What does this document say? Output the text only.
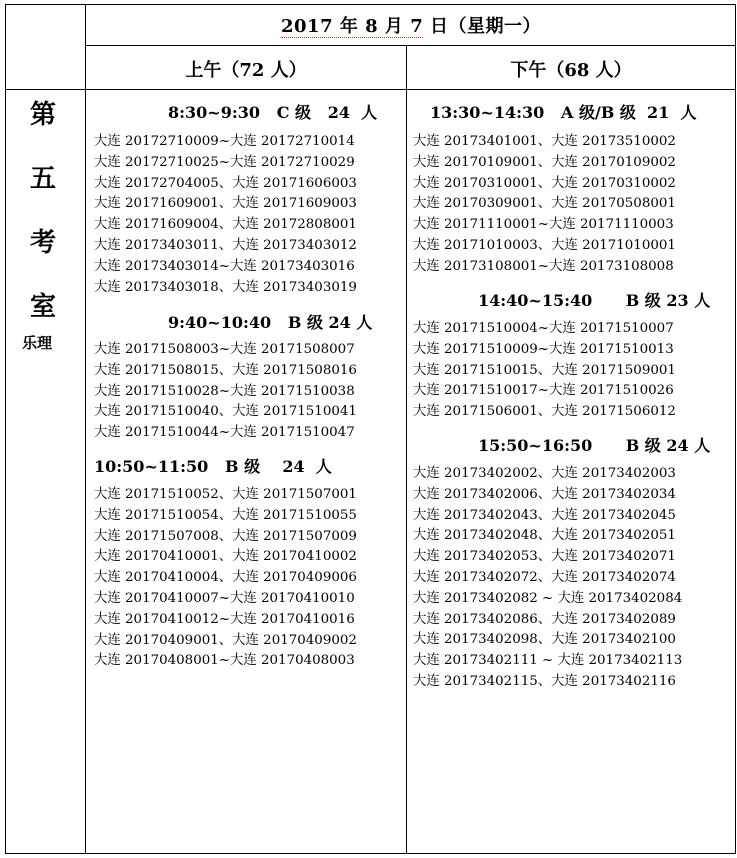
2017 年 8 月 7 日（星期一）
上午（72 人）	下午（68 人）
第
五
考
室
乐理
8:30~9:30   C 级   24  人
大连 20172710009~大连 20172710014
大连 20172710025~大连 20172710029
大连 20172704005、大连 20171606003
大连 20171609001、大连 20171609003
大连 20171609004、大连 20172808001
大连 20173403011、大连 20173403012
大连 20173403014~大连 20173403016
大连 20173403018、大连 20173403019
9:40~10:40   B 级 24 人
大连 20171508003~大连 20171508007
大连 20171508015、大连 20171508016
大连 20171510028~大连 20171510038
大连 20171510040、大连 20171510041
大连 20171510044~大连 20171510047
10:50~11:50   B 级    24  人
大连 20171510052、大连 20171507001
大连 20171510054、大连 20171510055
大连 20171507008、大连 20171507009
大连 20170410001、大连 20170410002
大连 20170410004、大连 20170409006
大连 20170410007~大连 20170410010
大连 20170410012~大连 20170410016
大连 20170409001、大连 20170409002
大连 20170408001~大连 20170408003
13:30~14:30   A 级/B 级  21  人
大连 20173401001、大连 20173510002
大连 20170109001、大连 20170109002
大连 20170310001、大连 20170310002
大连 20170309001、大连 20170508001
大连 20171110001~大连 20171110003
大连 20171010003、大连 20171010001
大连 20173108001~大连 20173108008
14:40~15:40      B 级 23 人
大连 20171510004~大连 20171510007
大连 20171510009~大连 20171510013
大连 20171510015、大连 20171509001
大连 20171510017~大连 20171510026
大连 20171506001、大连 20171506012
15:50~16:50      B 级 24 人
大连 20173402002、大连 20173402003
大连 20173402006、大连 20173402034
大连 20173402043、大连 20173402045
大连 20173402048、大连 20173402051
大连 20173402053、大连 20173402071
大连 20173402072、大连 20173402074
大连 20173402082 ~ 大连 20173402084
大连 20173402086、大连 20173402089
大连 20173402098、大连 20173402100
大连 20173402111 ~ 大连 20173402113
大连 20173402115、大连 20173402116
